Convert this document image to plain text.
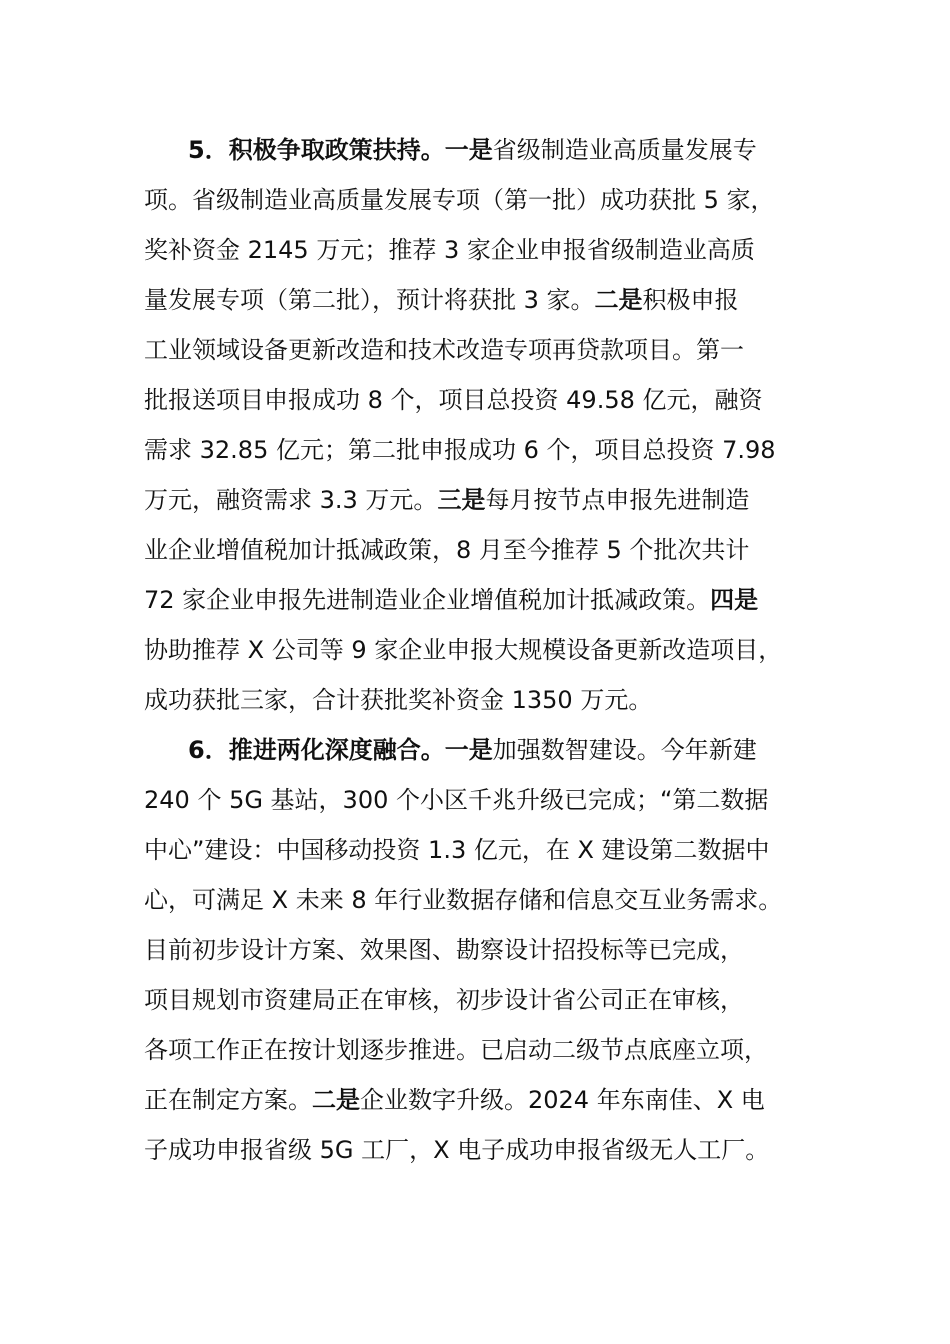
5．积极争取政策扶持。一是省级制造业高质量发展专
项。省级制造业高质量发展专项（第一批）成功获批 5 家，
奖补资金 2145 万元；推荐 3 家企业申报省级制造业高质
量发展专项（第二批），预计将获批 3 家。二是积极申报
工业领域设备更新改造和技术改造专项再贷款项目。第一
批报送项目申报成功 8 个，项目总投资 49.58 亿元，融资
需求 32.85 亿元；第二批申报成功 6 个，项目总投资 7.98
万元，融资需求 3.3 万元。三是每月按节点申报先进制造
业企业增值税加计抵减政策，8 月至今推荐 5 个批次共计
72 家企业申报先进制造业企业增值税加计抵减政策。四是
协助推荐 X 公司等 9 家企业申报大规模设备更新改造项目，
成功获批三家，合计获批奖补资金 1350 万元。
6．推进两化深度融合。一是加强数智建设。今年新建
240 个 5G 基站，300 个小区千兆升级已完成；“第二数据
中心”建设：中国移动投资 1.3 亿元，在 X 建设第二数据中
心，可满足 X 未来 8 年行业数据存储和信息交互业务需求。
目前初步设计方案、效果图、勘察设计招投标等已完成，
项目规划市资建局正在审核，初步设计省公司正在审核，
各项工作正在按计划逐步推进。已启动二级节点底座立项，
正在制定方案。二是企业数字升级。2024 年东南佳、X 电
子成功申报省级 5G 工厂，X 电子成功申报省级无人工厂。
